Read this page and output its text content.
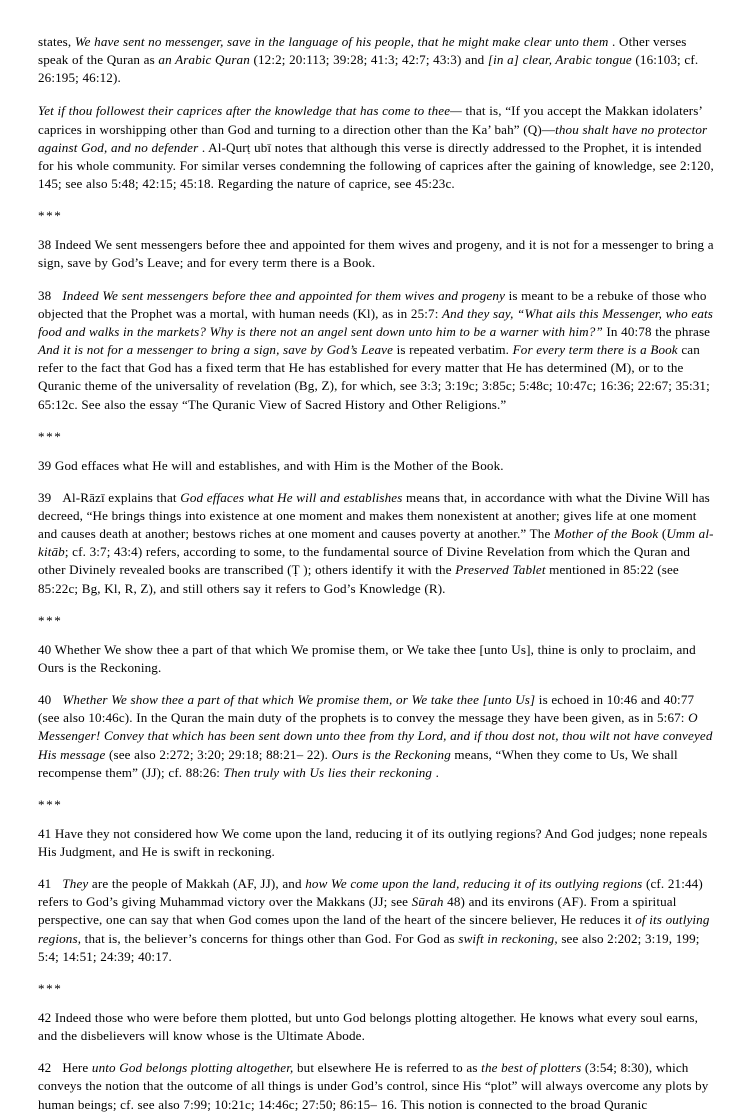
states, We have sent no messenger, save in the language of his people, that he might make clear unto them . Other verses speak of the Quran as an Arabic Quran (12:2; 20:113; 39:28; 41:3; 42:7; 43:3) and [in a] clear, Arabic tongue (16:103; cf. 26:195; 46:12).

Yet if thou followest their caprices after the knowledge that has come to thee— that is, “If you accept the Makkan idolaters’ caprices in worshipping other than God and turning to a direction other than the Ka’ bah” (Q)—thou shalt have no protector against God, and no defender . Al-Qurṭ ubī notes that although this verse is directly addressed to the Prophet, it is intended for his whole community. For similar verses condemning the following of caprices after the gaining of knowledge, see 2:120, 145; see also 5:48; 42:15; 45:18. Regarding the nature of caprice, see 45:23c.

***

38 Indeed We sent messengers before thee and appointed for them wives and progeny, and it is not for a messenger to bring a sign, save by God’s Leave; and for every term there is a Book.

38 Indeed We sent messengers before thee and appointed for them wives and progeny is meant to be a rebuke of those who objected that the Prophet was a mortal, with human needs (Kl), as in 25:7: And they say, “What ails this Messenger, who eats food and walks in the markets? Why is there not an angel sent down unto him to be a warner with him?” In 40:78 the phrase And it is not for a messenger to bring a sign, save by God’s Leave is repeated verbatim. For every term there is a Book can refer to the fact that God has a fixed term that He has established for every matter that He has determined (M), or to the Quranic theme of the universality of revelation (Bg, Z), for which, see 3:3; 3:19c; 3:85c; 5:48c; 10:47c; 16:36; 22:67; 35:31; 65:12c. See also the essay “The Quranic View of Sacred History and Other Religions.”

***

39 God effaces what He will and establishes, and with Him is the Mother of the Book.

39 Al-Rāzī explains that God effaces what He will and establishes means that, in accordance with what the Divine Will has decreed, “He brings things into existence at one moment and makes them nonexistent at another; gives life at one moment and causes death at another; bestows riches at one moment and causes poverty at another.” The Mother of the Book (Umm al-kitāb; cf. 3:7; 43:4) refers, according to some, to the fundamental source of Divine Revelation from which the Quran and other Divinely revealed books are transcribed (Ṭ ); others identify it with the Preserved Tablet mentioned in 85:22 (see 85:22c; Bg, Kl, R, Z), and still others say it refers to God’s Knowledge (R).

***

40 Whether We show thee a part of that which We promise them, or We take thee [unto Us], thine is only to proclaim, and Ours is the Reckoning.

40 Whether We show thee a part of that which We promise them, or We take thee [unto Us] is echoed in 10:46 and 40:77 (see also 10:46c). In the Quran the main duty of the prophets is to convey the message they have been given, as in 5:67: O Messenger! Convey that which has been sent down unto thee from thy Lord, and if thou dost not, thou wilt not have conveyed His message (see also 2:272; 3:20; 29:18; 88:21– 22). Ours is the Reckoning means, “When they come to Us, We shall recompense them” (JJ); cf. 88:26: Then truly with Us lies their reckoning .

***

41 Have they not considered how We come upon the land, reducing it of its outlying regions? And God judges; none repeals His Judgment, and He is swift in reckoning.

41 They are the people of Makkah (AF, JJ), and how We come upon the land, reducing it of its outlying regions (cf. 21:44) refers to God’s giving Muhammad victory over the Makkans (JJ; see Sūrah 48) and its environs (AF). From a spiritual perspective, one can say that when God comes upon the land of the heart of the sincere believer, He reduces it of its outlying regions, that is, the believer’s concerns for things other than God. For God as swift in reckoning, see also 2:202; 3:19, 199; 5:4; 14:51; 24:39; 40:17.

***

42 Indeed those who were before them plotted, but unto God belongs plotting altogether. He knows what every soul earns, and the disbelievers will know whose is the Ultimate Abode.

42 Here unto God belongs plotting altogether, but elsewhere He is referred to as the best of plotters (3:54; 8:30), which conveys the notion that the outcome of all things is under God’s control, since His “plot” will always overcome any plots by human beings; cf. see also 7:99; 10:21c; 14:46c; 27:50; 86:15– 16. This notion is connected to the broad Quranic
